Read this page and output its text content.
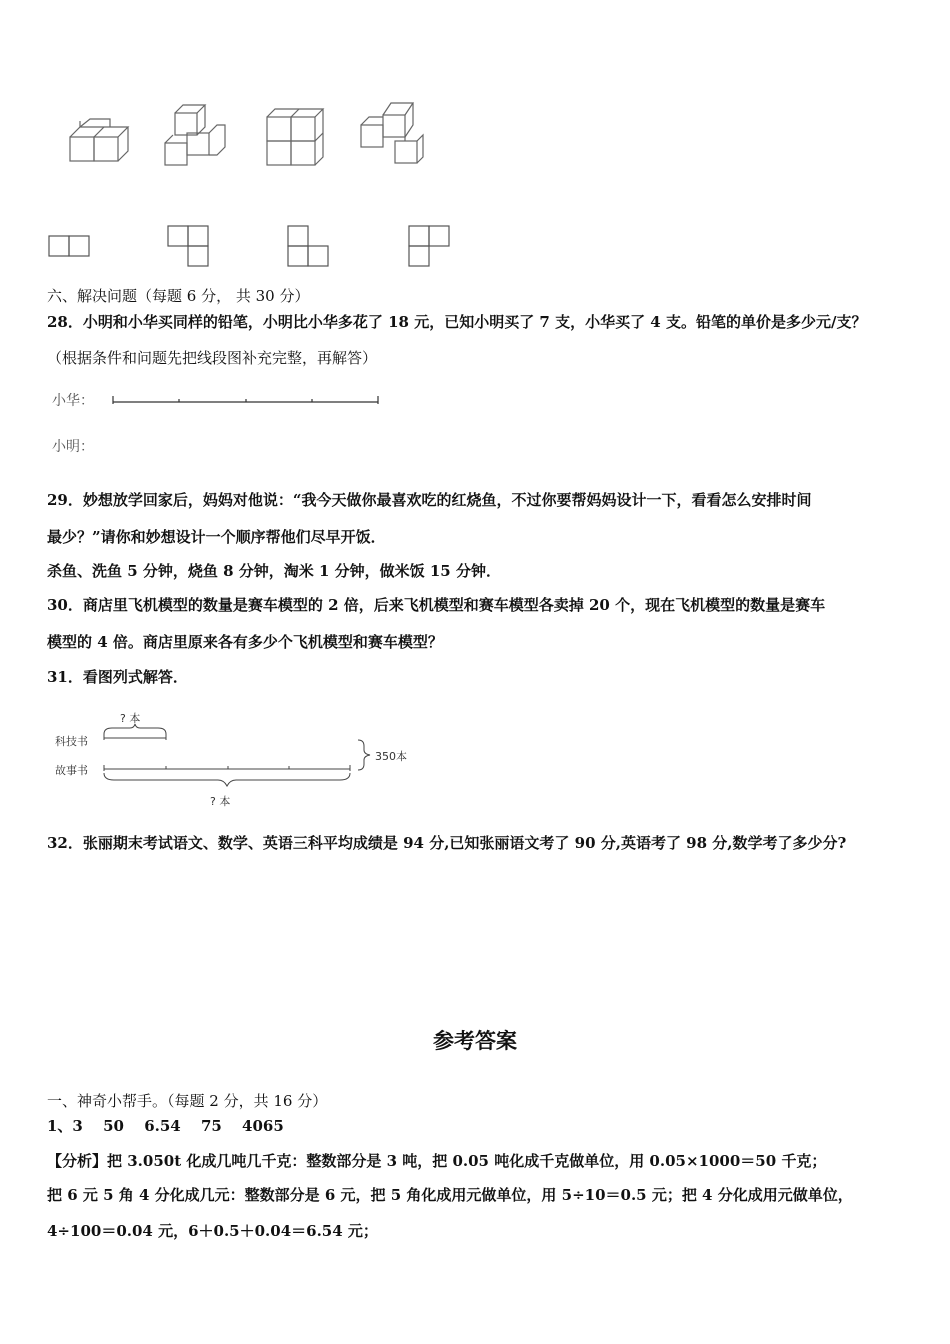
六、解决问题（每题 6 分， 共 30 分）
28．小明和小华买同样的铅笔，小明比小华多花了 18 元，已知小明买了 7 支，小华买了 4 支。铅笔的单价是多少元/支？
（根据条件和问题先把线段图补充完整，再解答）
小华：
小明：
29．妙想放学回家后，妈妈对他说：“我今天做你最喜欢吃的红烧鱼，不过你要帮妈妈设计一下，看看怎么安排时间
最少？”请你和妙想设计一个顺序帮他们尽早开饭．
杀鱼、洗鱼 5 分钟，烧鱼 8 分钟，淘米 1 分钟，做米饭 15 分钟．
30．商店里飞机模型的数量是赛车模型的 2 倍，后来飞机模型和赛车模型各卖掉 20 个，现在飞机模型的数量是赛车
模型的 4 倍。商店里原来各有多少个飞机模型和赛车模型？
31．看图列式解答．
? 本
科技书
故事书
350本
? 本
32．张丽期末考试语文、数学、英语三科平均成绩是 94 分,已知张丽语文考了 90 分,英语考了 98 分,数学考了多少分?
参考答案
一、神奇小帮手。（每题 2 分，共 16 分）
1、3　 50　 6.54　 75　 4065
【分析】把 3.050t 化成几吨几千克：整数部分是 3 吨，把 0.05 吨化成千克做单位，用 0.05×1000＝50 千克；
把 6 元 5 角 4 分化成几元：整数部分是 6 元，把 5 角化成用元做单位，用 5÷10＝0.5 元；把 4 分化成用元做单位，
4÷100＝0.04 元，6＋0.5＋0.04＝6.54 元；
